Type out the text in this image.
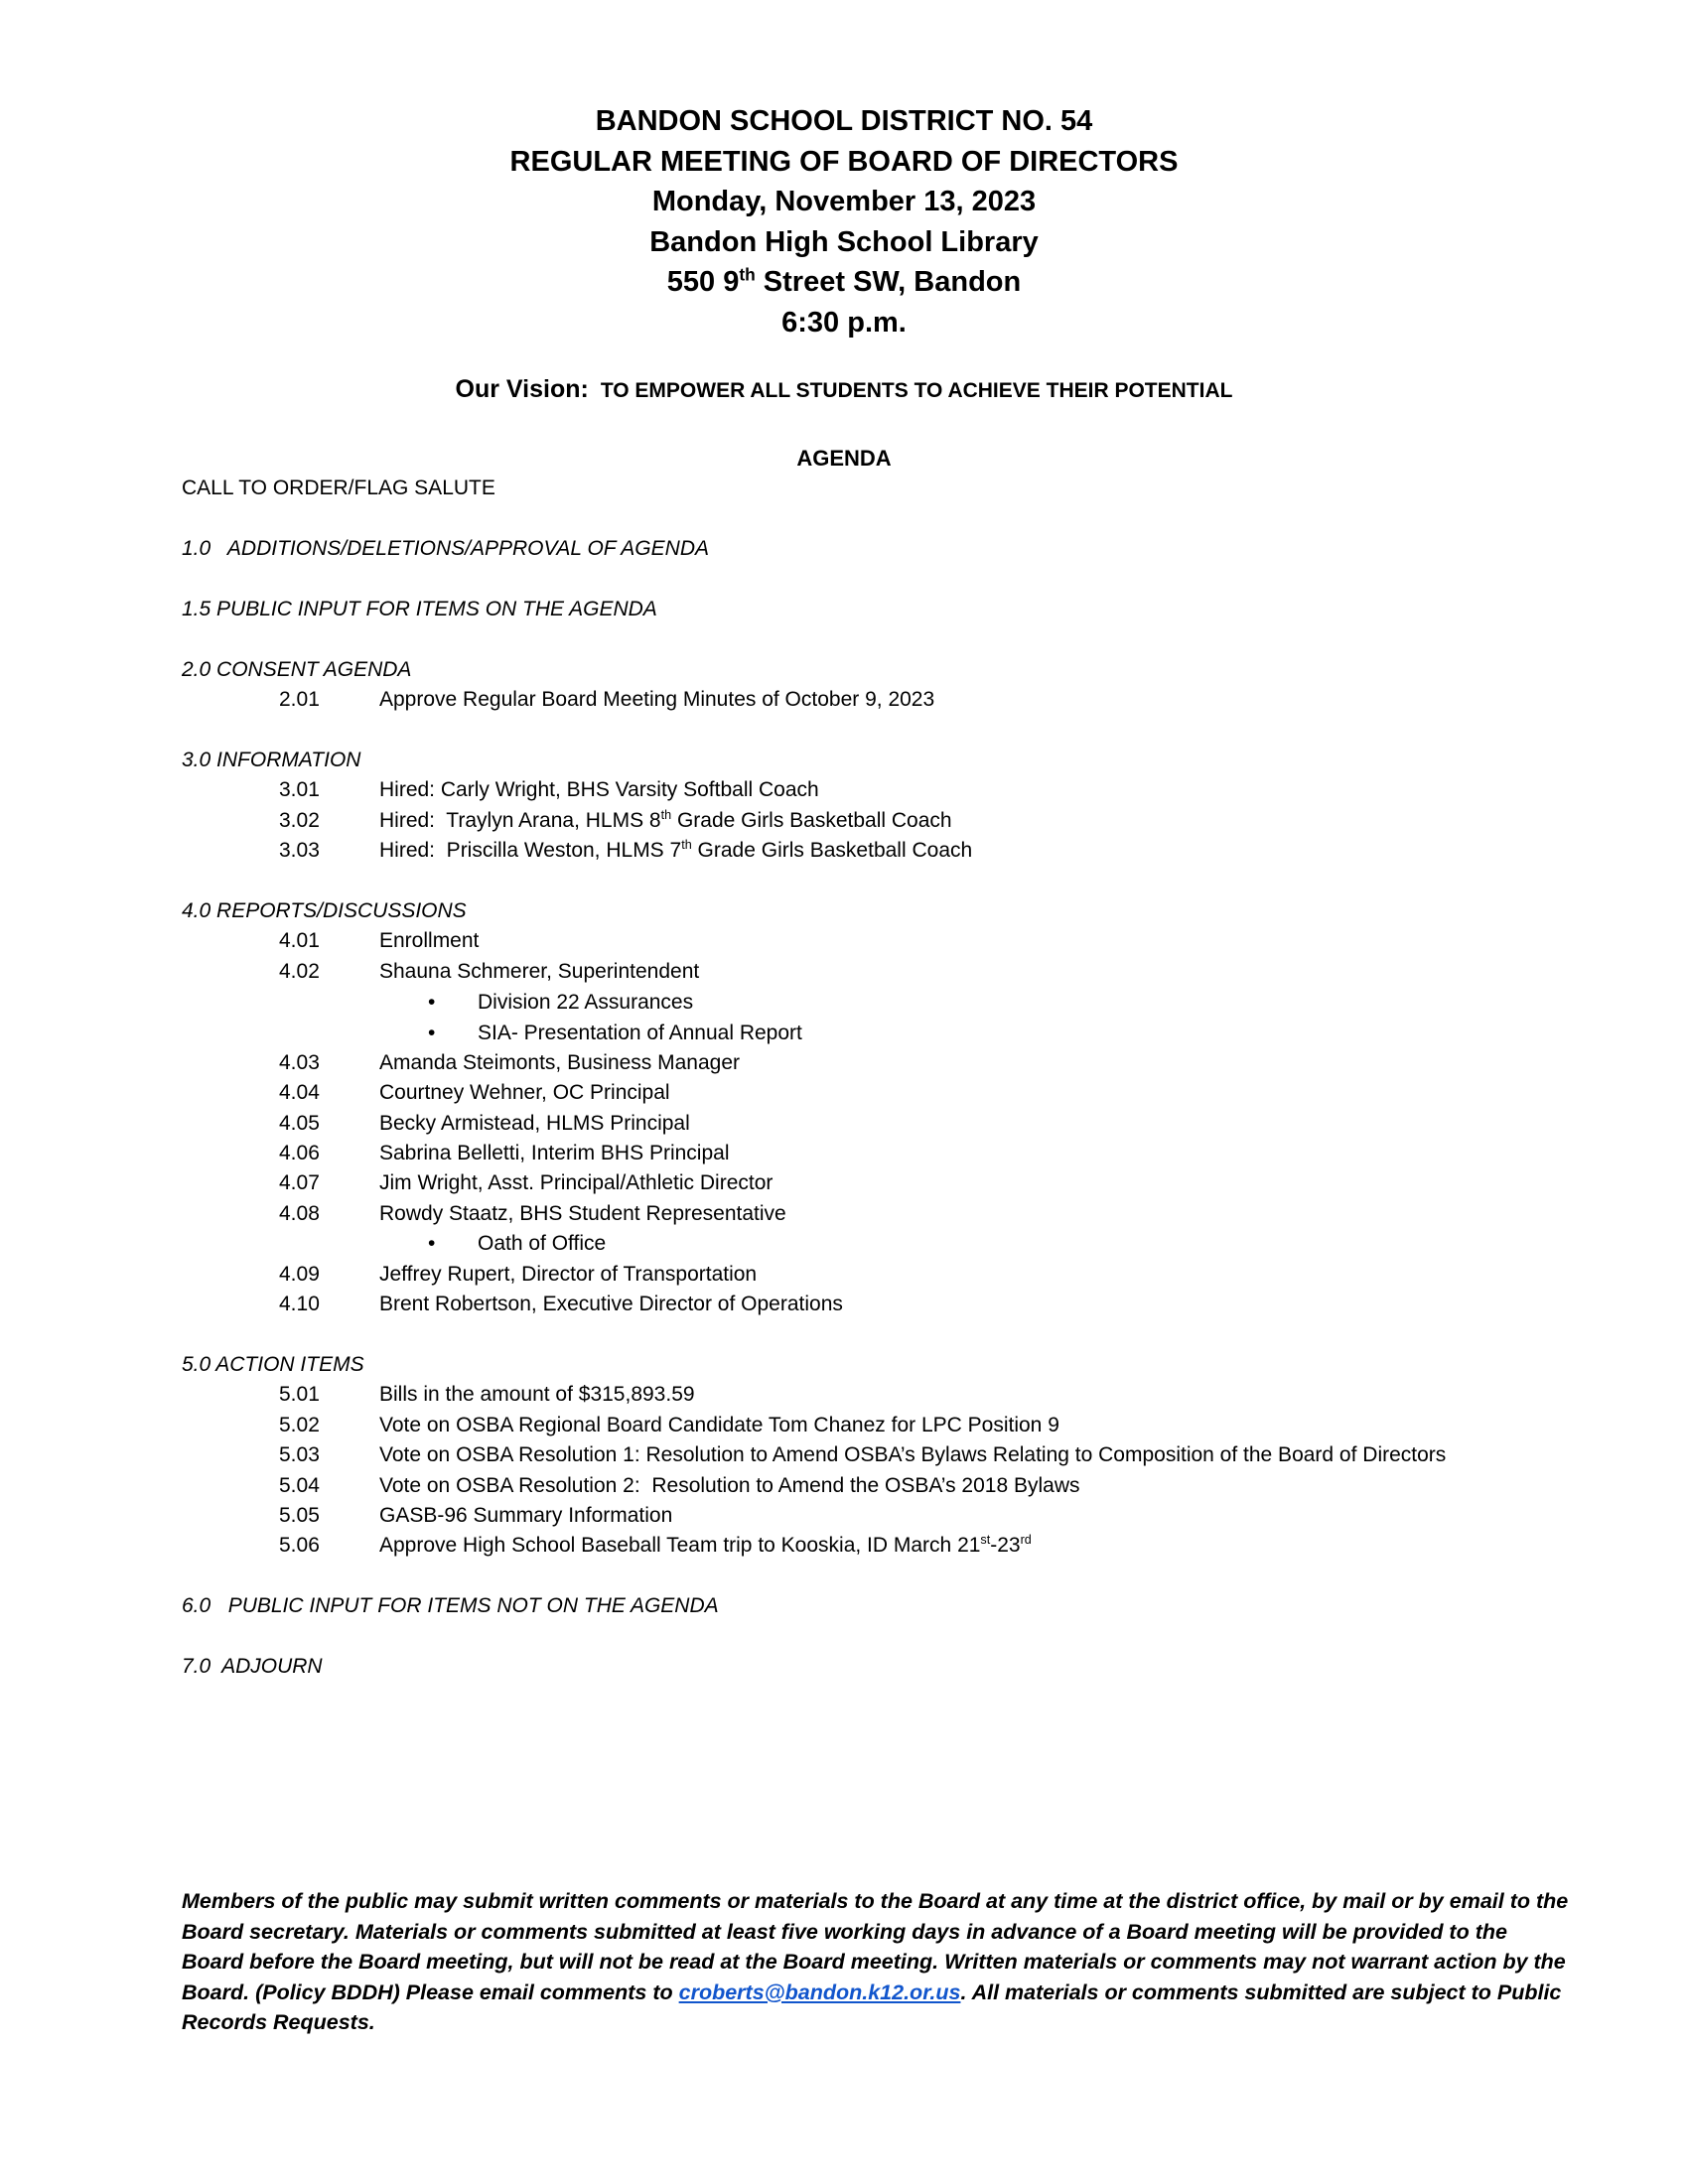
BANDON SCHOOL DISTRICT NO. 54
REGULAR MEETING OF BOARD OF DIRECTORS
Monday, November 13, 2023
Bandon High School Library
550 9th Street SW, Bandon
6:30 p.m.
Our Vision: TO EMPOWER ALL STUDENTS TO ACHIEVE THEIR POTENTIAL
AGENDA
CALL TO ORDER/FLAG SALUTE
1.0   ADDITIONS/DELETIONS/APPROVAL OF AGENDA
1.5 PUBLIC INPUT FOR ITEMS ON THE AGENDA
2.0 CONSENT AGENDA
2.01	Approve Regular Board Meeting Minutes of October 9, 2023
3.0 INFORMATION
3.01	Hired: Carly Wright, BHS Varsity Softball Coach
3.02	Hired:  Traylyn Arana, HLMS 8th Grade Girls Basketball Coach
3.03	Hired:  Priscilla Weston, HLMS 7th Grade Girls Basketball Coach
4.0 REPORTS/DISCUSSIONS
4.01	Enrollment
4.02	Shauna Schmerer, Superintendent
• Division 22 Assurances
• SIA- Presentation of Annual Report
4.03	Amanda Steimonts, Business Manager
4.04	Courtney Wehner, OC Principal
4.05	Becky Armistead, HLMS Principal
4.06	Sabrina Belletti, Interim BHS Principal
4.07	Jim Wright, Asst. Principal/Athletic Director
4.08	Rowdy Staatz, BHS Student Representative
• Oath of Office
4.09	Jeffrey Rupert, Director of Transportation
4.10	Brent Robertson, Executive Director of Operations
5.0 ACTION ITEMS
5.01	Bills in the amount of $315,893.59
5.02	Vote on OSBA Regional Board Candidate Tom Chanez for LPC Position 9
5.03	Vote on OSBA Resolution 1: Resolution to Amend OSBA’s Bylaws Relating to Composition of the Board of Directors
5.04	Vote on OSBA Resolution 2:  Resolution to Amend the OSBA’s 2018 Bylaws
5.05	GASB-96 Summary Information
5.06	Approve High School Baseball Team trip to Kooskia, ID March 21st-23rd
6.0   PUBLIC INPUT FOR ITEMS NOT ON THE AGENDA
7.0  ADJOURN
Members of the public may submit written comments or materials to the Board at any time at the district office, by mail or by email to the Board secretary. Materials or comments submitted at least five working days in advance of a Board meeting will be provided to the Board before the Board meeting, but will not be read at the Board meeting. Written materials or comments may not warrant action by the Board. (Policy BDDH) Please email comments to croberts@bandon.k12.or.us. All materials or comments submitted are subject to Public Records Requests.
